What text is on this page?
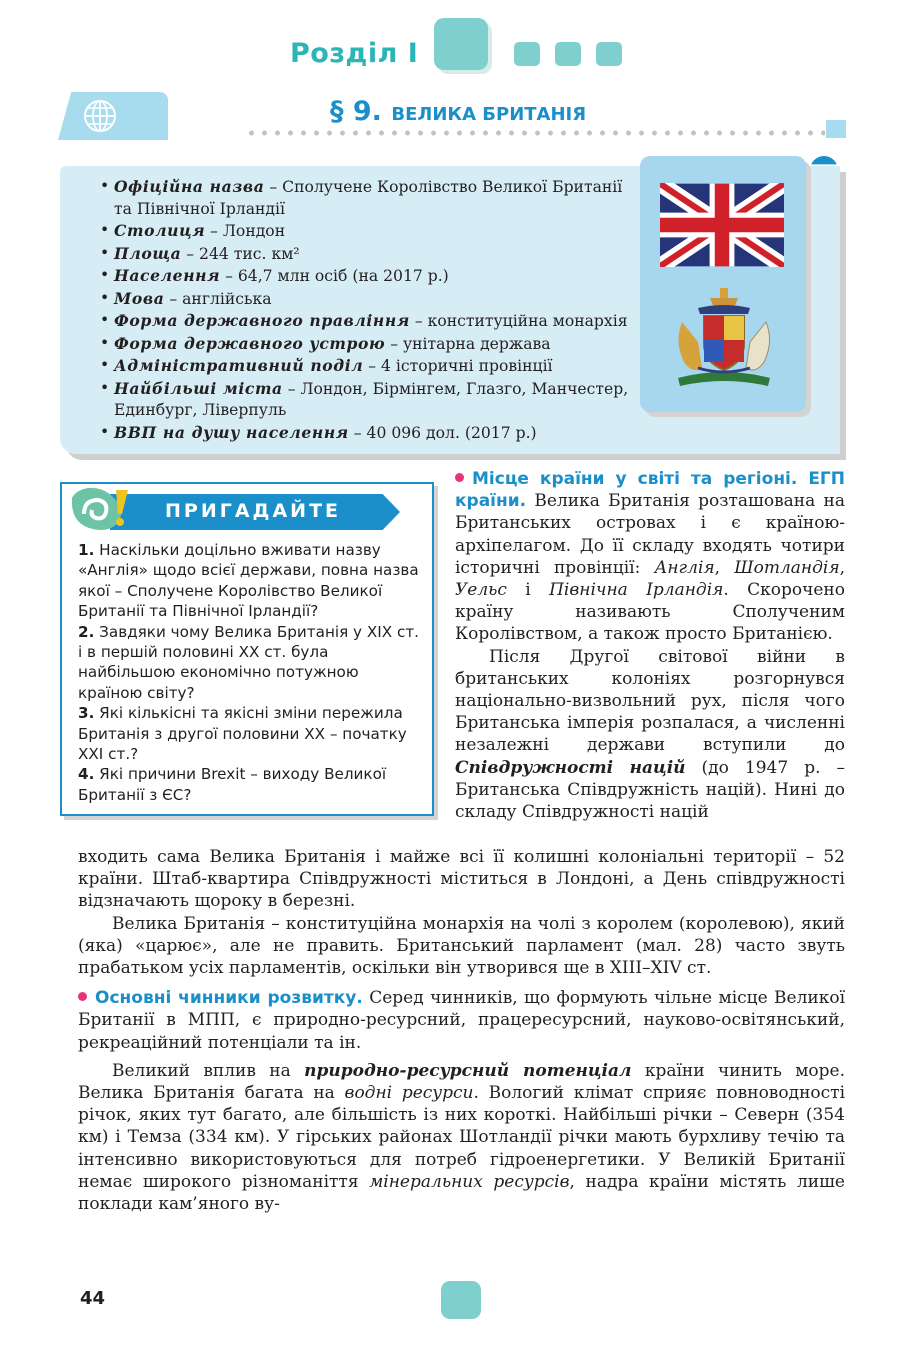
Розділ І
§ 9. ВЕЛИКА БРИТАНІЯ
• Офіційна назва – Сполучене Королівство Великої Британії та Північної Ірландії
• Столиця – Лондон
• Площа – 244 тис. км²
• Населення – 64,7 млн осіб (на 2017 р.)
• Мова – англійська
• Форма державного правління – конституційна монархія
• Форма державного устрою – унітарна держава
• Адміністративний поділ – 4 історичні провінції
• Найбільші міста – Лондон, Бірмінгем, Глазго, Манчестер, Единбург, Ліверпуль
• ВВП на душу населення – 40 096 дол. (2017 р.)
ПРИГАДАЙТЕ

1. Наскільки доцільно вживати назву «Англія» щодо всієї держави, повна назва якої – Сполучене Королівство Великої Британії та Північної Ірландії?

2. Завдяки чому Велика Британія у XIX ст. і в першій половині XX ст. була найбільшою економічно потужною країною світу?

3. Які кількісні та якісні зміни пережила Британія з другої половини XX – початку XXI ст.?

4. Які причини Brexit – виходу Великої Британії з ЄС?

Місце країни у світі та регіоні. ЕГП країни. Велика Британія розташована на Британських островах і є країною-архіпелагом. До її складу входять чотири історичні провінції: Англія, Шотландія, Уельс і Північна Ірландія. Скорочено країну називають Сполученим Королівством, а також просто Британією.

Після Другої світової війни в британських колоніях розгорнувся національно-визвольний рух, після чого Британська імперія розпалася, а численні незалежні держави вступили до Співдружності націй (до 1947 р. – Британська Співдружність націй). Нині до складу Співдружності націй

входить сама Велика Британія і майже всі її колишні колоніальні території – 52 країни. Штаб-квартира Співдружності міститься в Лондоні, а День співдружності відзначають щороку в березні.

Велика Британія – конституційна монархія на чолі з королем (королевою), який (яка) «царює», але не править. Британський парламент (мал. 28) часто звуть прабатьком усіх парламентів, оскільки він утворився ще в XIII–XIV ст.

Основні чинники розвитку. Серед чинників, що формують чільне місце Великої Британії в МПП, є природно-ресурсний, працересурсний, науково-освітянський, рекреаційний потенціали та ін.

Великий вплив на природно-ресурсний потенціал країни чинить море. Велика Британія багата на водні ресурси. Вологий клімат сприяє повноводності річок, яких тут багато, але більшість із них короткі. Найбільші річки – Северн (354 км) і Темза (334 км). У гірських районах Шотландії річки мають бурхливу течію та інтенсивно використовуються для потреб гідроенергетики. У Великій Британії немає широкого різноманіття мінеральних ресурсів, надра країни містять лише поклади кам’яного ву-

44
